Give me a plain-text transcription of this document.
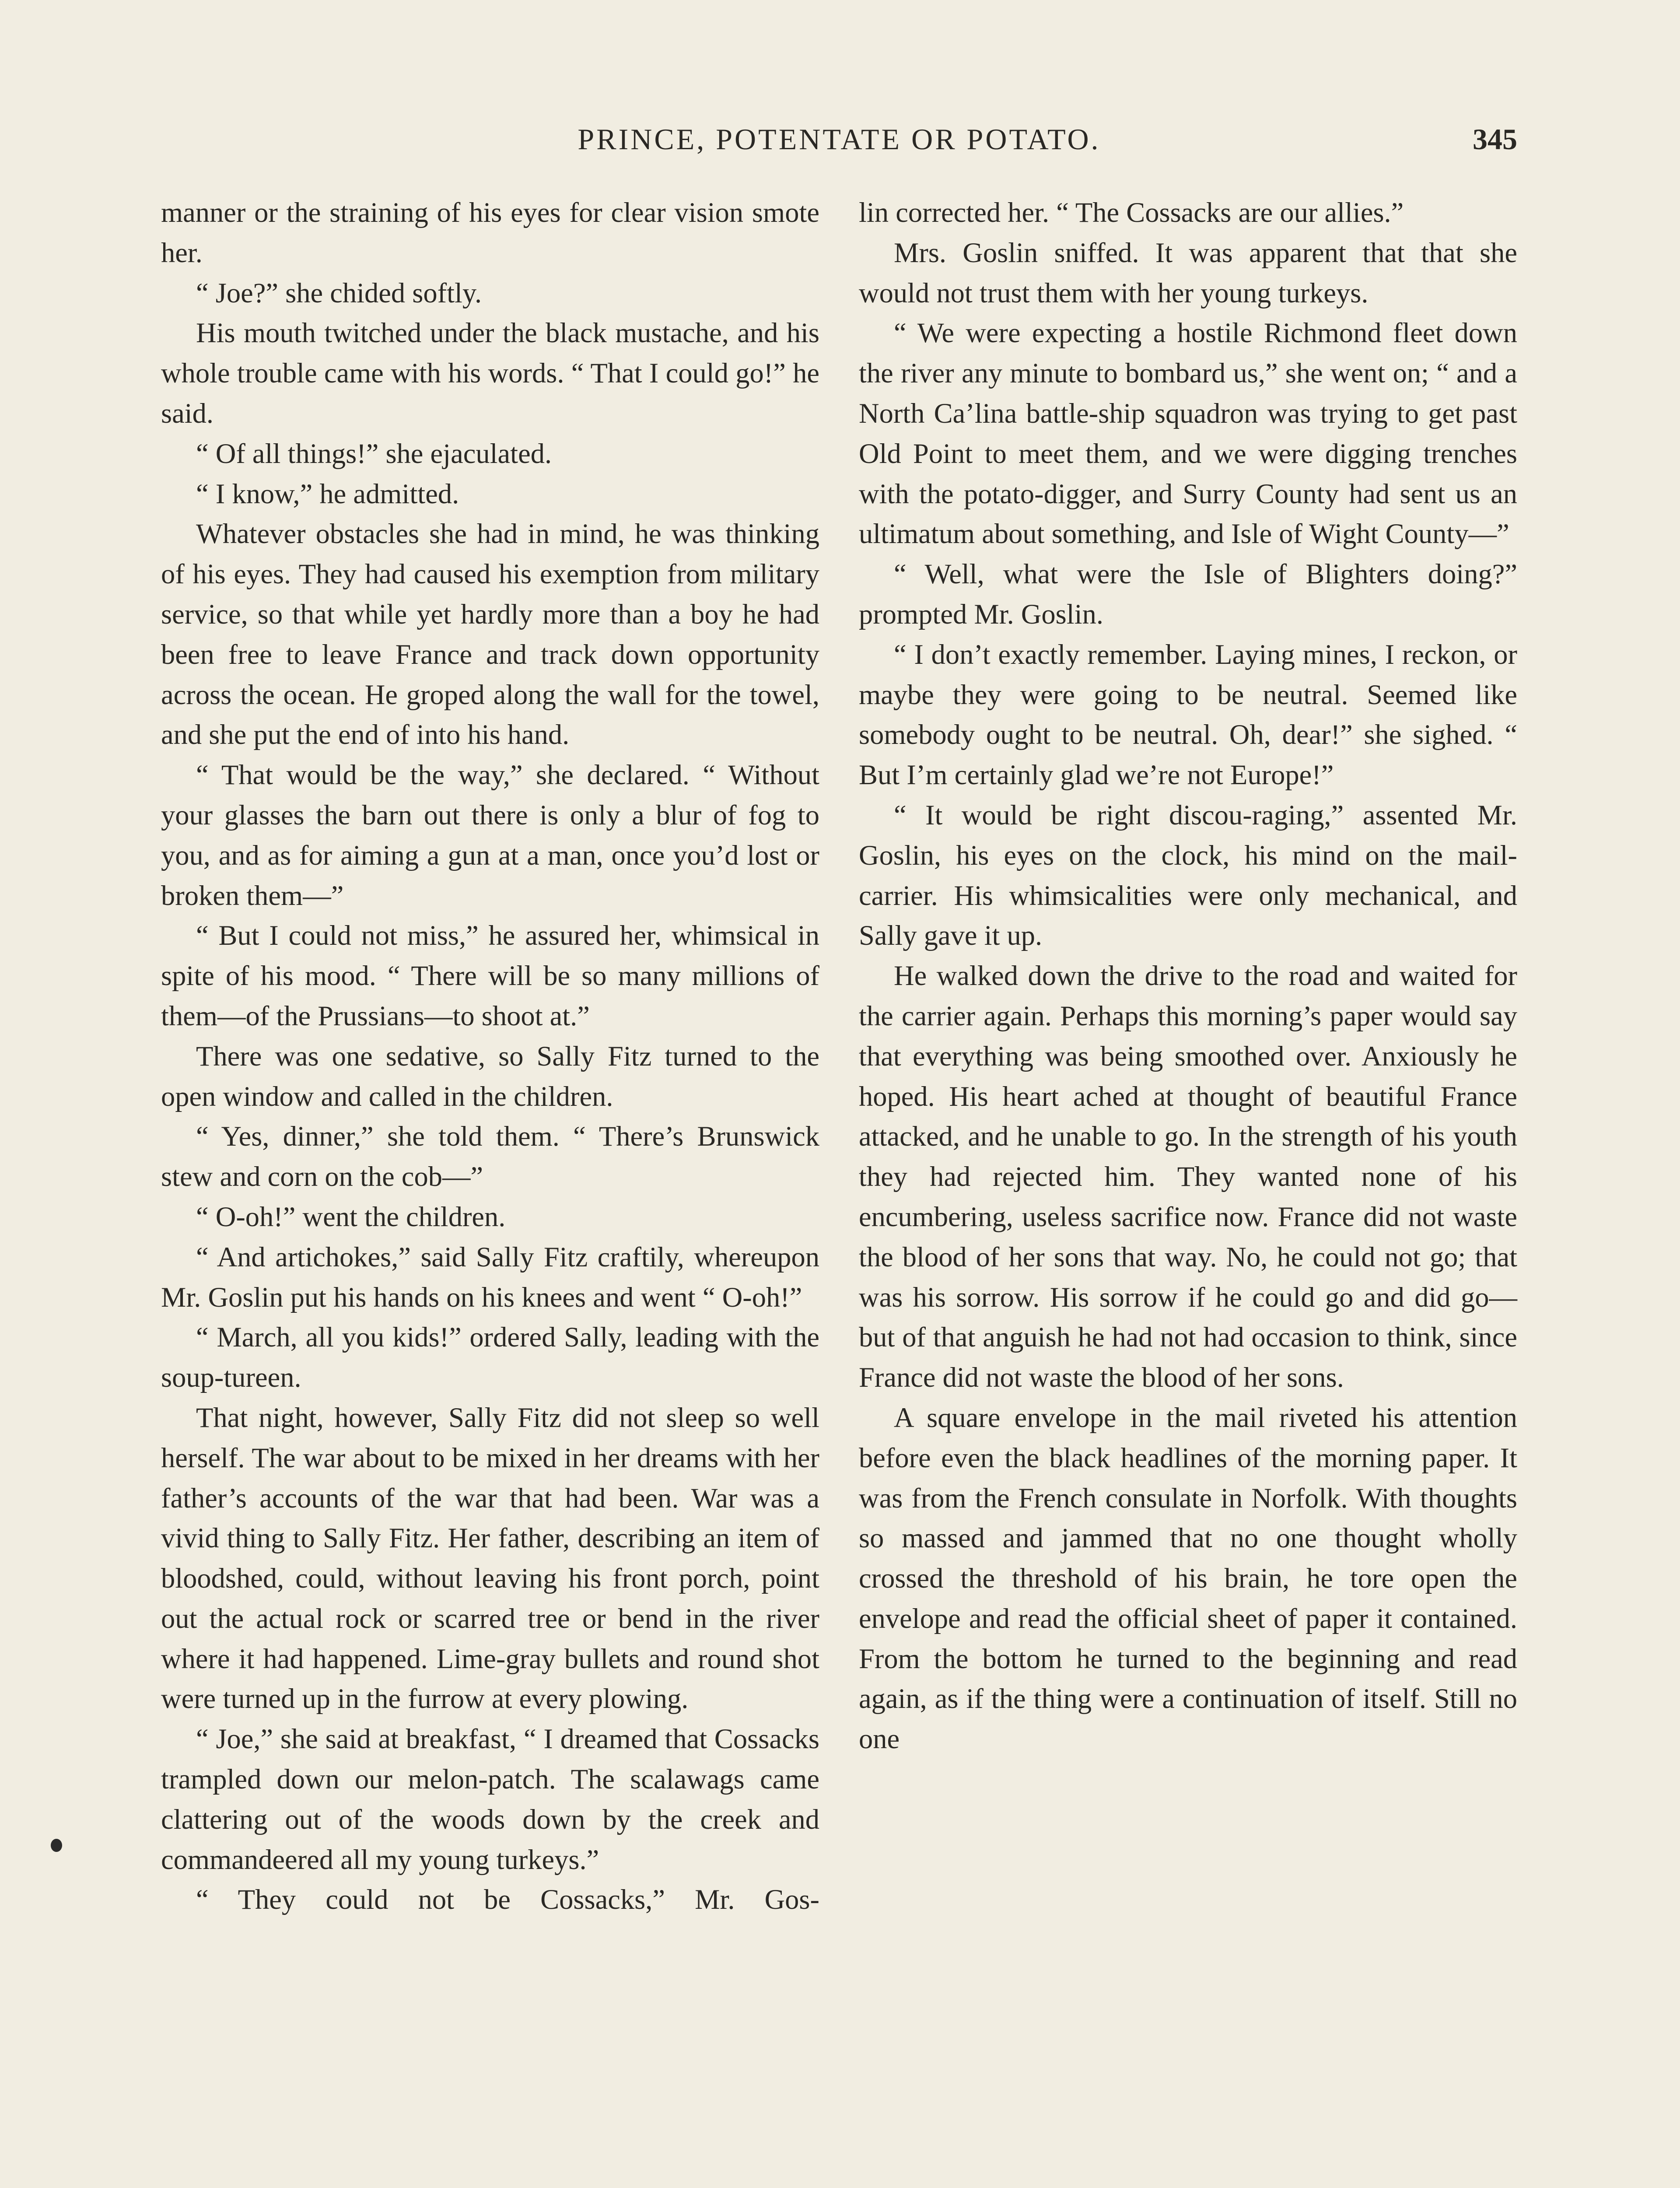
PRINCE, POTENTATE OR POTATO.	345

manner or the straining of his eyes for clear vision smote her.

“ Joe?” she chided softly.

His mouth twitched under the black mustache, and his whole trouble came with his words. “ That I could go!” he said.

“ Of all things!” she ejaculated.

“ I know,” he admitted.

Whatever obstacles she had in mind, he was thinking of his eyes. They had caused his exemption from military service, so that while yet hardly more than a boy he had been free to leave France and track down opportunity across the ocean. He groped along the wall for the towel, and she put the end of into his hand.

“ That would be the way,” she declared. “ Without your glasses the barn out there is only a blur of fog to you, and as for aiming a gun at a man, once you’d lost or broken them—”

“ But I could not miss,” he assured her, whimsical in spite of his mood. “ There will be so many millions of them—of the Prussians—to shoot at.”

There was one sedative, so Sally Fitz turned to the open window and called in the children.

“ Yes, dinner,” she told them. “ There’s Brunswick stew and corn on the cob—”

“ O-oh!” went the children.

“ And artichokes,” said Sally Fitz craftily, whereupon Mr. Goslin put his hands on his knees and went “ O-oh!”

“ March, all you kids!” ordered Sally, leading with the soup-tureen.

That night, however, Sally Fitz did not sleep so well herself. The war about to be mixed in her dreams with her father’s accounts of the war that had been. War was a vivid thing to Sally Fitz. Her father, describing an item of bloodshed, could, without leaving his front porch, point out the actual rock or scarred tree or bend in the river where it had happened. Lime-gray bullets and round shot were turned up in the furrow at every plowing.

“ Joe,” she said at breakfast, “ I dreamed that Cossacks trampled down our melon-patch. The scalawags came clattering out of the woods down by the creek and commandeered all my young turkeys.”

“ They could not be Cossacks,” Mr. Gos-

lin corrected her. “ The Cossacks are our allies.”

Mrs. Goslin sniffed. It was apparent that that she would not trust them with her young turkeys.

“ We were expecting a hostile Richmond fleet down the river any minute to bombard us,” she went on; “ and a North Ca’lina battle-ship squadron was trying to get past Old Point to meet them, and we were digging trenches with the potato-digger, and Surry County had sent us an ultimatum about something, and Isle of Wight County—”

“ Well, what were the Isle of Blighters doing?” prompted Mr. Goslin.

“ I don’t exactly remember. Laying mines, I reckon, or maybe they were going to be neutral. Seemed like somebody ought to be neutral. Oh, dear!” she sighed. “ But I’m certainly glad we’re not Europe!”

“ It would be right discou-raging,” assented Mr. Goslin, his eyes on the clock, his mind on the mail-carrier. His whimsicalities were only mechanical, and Sally gave it up.

He walked down the drive to the road and waited for the carrier again. Perhaps this morning’s paper would say that everything was being smoothed over. Anxiously he hoped. His heart ached at thought of beautiful France attacked, and he unable to go. In the strength of his youth they had rejected him. They wanted none of his encumbering, useless sacrifice now. France did not waste the blood of her sons that way. No, he could not go; that was his sorrow. His sorrow if he could go and did go—but of that anguish he had not had occasion to think, since France did not waste the blood of her sons.

A square envelope in the mail riveted his attention before even the black headlines of the morning paper. It was from the French consulate in Norfolk. With thoughts so massed and jammed that no one thought wholly crossed the threshold of his brain, he tore open the envelope and read the official sheet of paper it contained. From the bottom he turned to the beginning and read again, as if the thing were a continuation of itself. Still no one
